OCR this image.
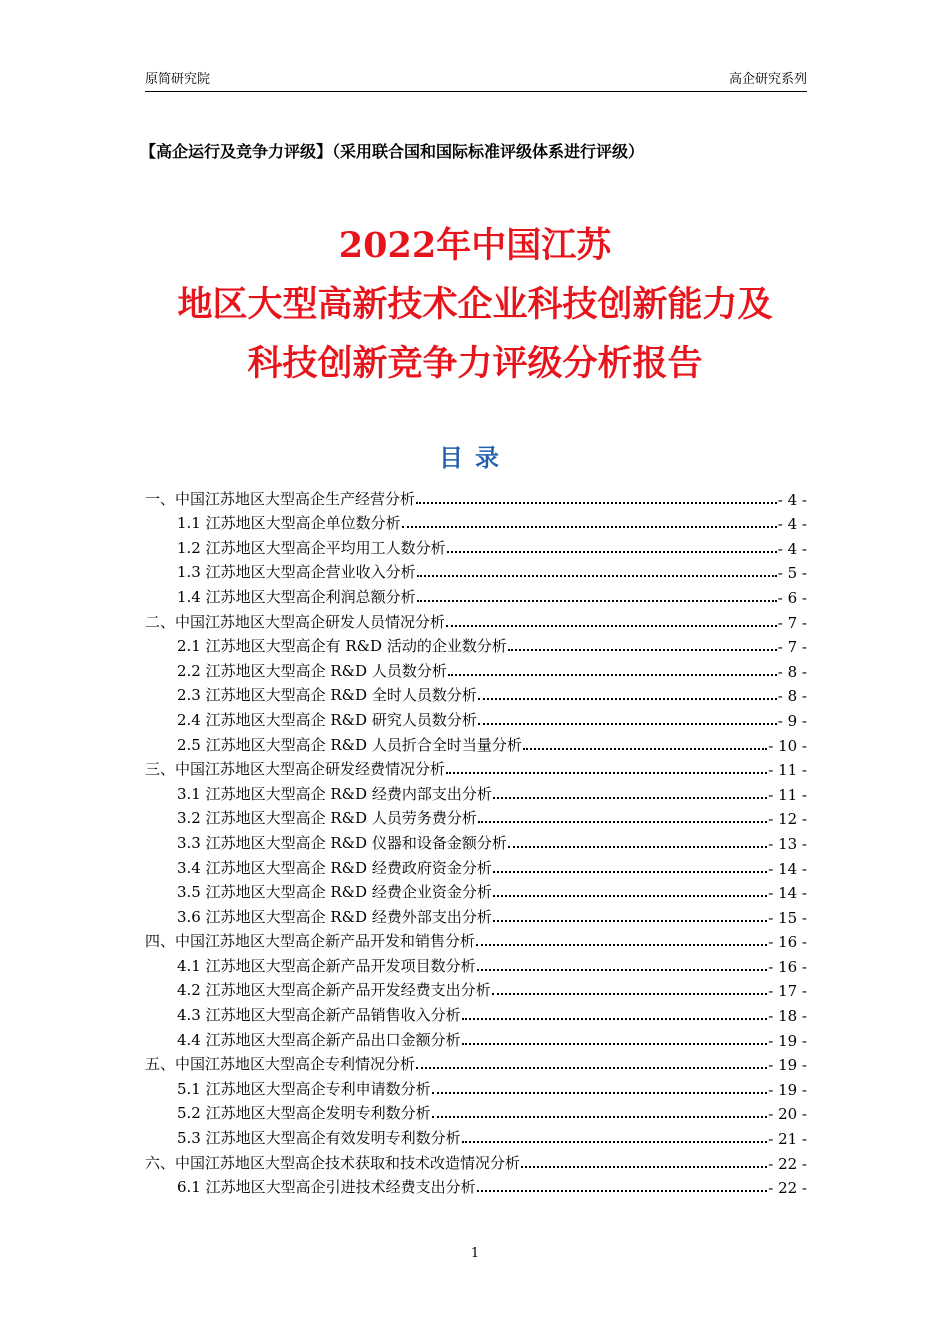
原简研究院	高企研究系列
【高企运行及竞争力评级】（采用联合国和国际标准评级体系进行评级）
2022年中国江苏
地区大型高新技术企业科技创新能力及
科技创新竞争力评级分析报告
目录
一、中国江苏地区大型高企生产经营分析	- 4 -
1.1 江苏地区大型高企单位数分析	- 4 -
1.2 江苏地区大型高企平均用工人数分析	- 4 -
1.3 江苏地区大型高企营业收入分析	- 5 -
1.4 江苏地区大型高企利润总额分析	- 6 -
二、中国江苏地区大型高企研发人员情况分析	- 7 -
2.1 江苏地区大型高企有 R&D 活动的企业数分析	- 7 -
2.2 江苏地区大型高企 R&D 人员数分析	- 8 -
2.3 江苏地区大型高企 R&D 全时人员数分析	- 8 -
2.4 江苏地区大型高企 R&D 研究人员数分析	- 9 -
2.5 江苏地区大型高企 R&D 人员折合全时当量分析	- 10 -
三、中国江苏地区大型高企研发经费情况分析	- 11 -
3.1 江苏地区大型高企 R&D 经费内部支出分析	- 11 -
3.2 江苏地区大型高企 R&D 人员劳务费分析	- 12 -
3.3 江苏地区大型高企 R&D 仪器和设备金额分析	- 13 -
3.4 江苏地区大型高企 R&D 经费政府资金分析	- 14 -
3.5 江苏地区大型高企 R&D 经费企业资金分析	- 14 -
3.6 江苏地区大型高企 R&D 经费外部支出分析	- 15 -
四、中国江苏地区大型高企新产品开发和销售分析	- 16 -
4.1 江苏地区大型高企新产品开发项目数分析	- 16 -
4.2 江苏地区大型高企新产品开发经费支出分析	- 17 -
4.3 江苏地区大型高企新产品销售收入分析	- 18 -
4.4 江苏地区大型高企新产品出口金额分析	- 19 -
五、中国江苏地区大型高企专利情况分析	- 19 -
5.1 江苏地区大型高企专利申请数分析	- 19 -
5.2 江苏地区大型高企发明专利数分析	- 20 -
5.3 江苏地区大型高企有效发明专利数分析	- 21 -
六、中国江苏地区大型高企技术获取和技术改造情况分析	- 22 -
6.1 江苏地区大型高企引进技术经费支出分析	- 22 -
1
